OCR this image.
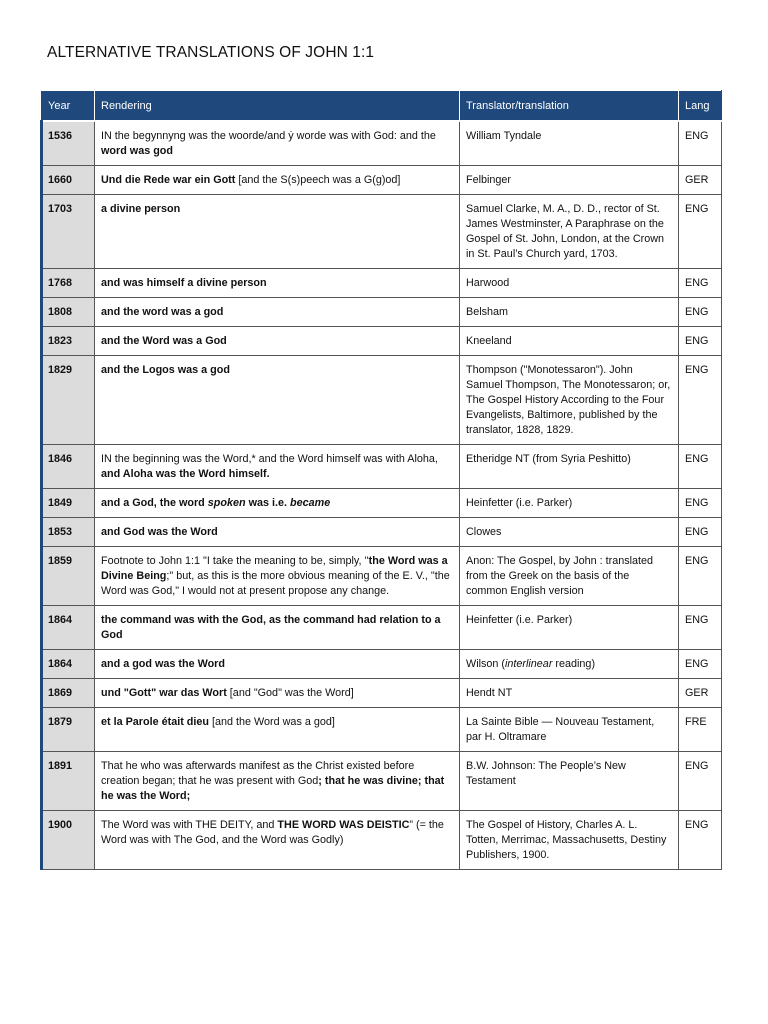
ALTERNATIVE TRANSLATIONS OF JOHN 1:1
Year	Rendering	Translator/translation	Lang
1536	IN the begynnyng was the woorde/and ẏ worde was with God: and the word was god	William Tyndale	ENG
1660	Und die Rede war ein Gott [and the S(s)peech was a G(g)od]	Felbinger	GER
1703	a divine person	Samuel Clarke, M. A., D. D., rector of St. James Westminster, A Paraphrase on the Gospel of St. John, London, at the Crown in St. Paul’s Church yard, 1703.	ENG
1768	and was himself a divine person	Harwood	ENG
1808	and the word was a god	Belsham	ENG
1823	and the Word was a God	Kneeland	ENG
1829	and the Logos was a god	Thompson ("Monotessaron"). John Samuel Thompson, The Monotessaron; or, The Gospel History According to the Four Evangelists, Baltimore, published by the translator, 1828, 1829.	ENG
1846	IN the beginning was the Word,* and the Word himself was with Aloha, and Aloha was the Word himself.	Etheridge NT (from Syria Peshitto)	ENG
1849	and a God, the word spoken was i.e. became	Heinfetter (i.e. Parker)	ENG
1853	and God was the Word	Clowes	ENG
1859	Footnote to John 1:1 "I take the meaning to be, simply, ''the Word was a Divine Being;" but, as this is the more obvious meaning of the E. V., "the Word was God," I would not at present propose any change.	Anon: The Gospel, by John : translated from the Greek on the basis of the common English version	ENG
1864	the command was with the God, as the command had relation to a God	Heinfetter (i.e. Parker)	ENG
1864	and a god was the Word	Wilson (interlinear reading)	ENG
1869	und "Gott" war das Wort [and "God" was the Word]	Hendt NT	GER
1879	et la Parole était dieu [and the Word was a god]	La Sainte Bible — Nouveau Testament, par H. Oltramare	FRE
1891	That he who was afterwards manifest as the Christ existed before creation began; that he was present with God; that he was divine; that he was the Word;	B.W. Johnson: The People’s New Testament	ENG
1900	The Word was with THE DEITY, and THE WORD WAS DEISTIC” (= the Word was with The God, and the Word was Godly)	The Gospel of History, Charles A. L. Totten, Merrimac, Massachusetts, Destiny Publishers, 1900.	ENG
